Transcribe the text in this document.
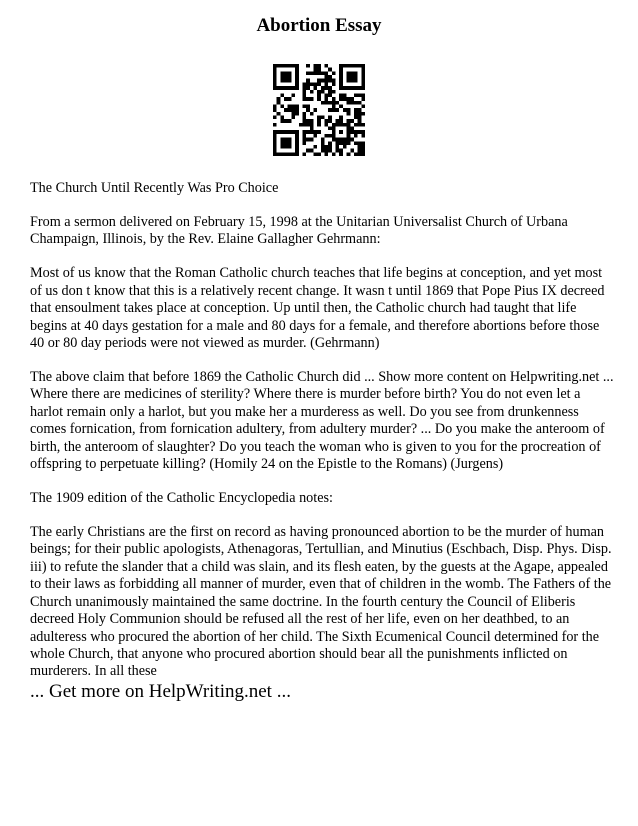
Abortion Essay

The Church Until Recently Was Pro Choice

From a sermon delivered on February 15, 1998 at the Unitarian Universalist Church of Urbana Champaign, Illinois, by the Rev. Elaine Gallagher Gehrmann:

Most of us know that the Roman Catholic church teaches that life begins at conception, and yet most of us don t know that this is a relatively recent change. It wasn t until 1869 that Pope Pius IX decreed that ensoulment takes place at conception. Up until then, the Catholic church had taught that life begins at 40 days gestation for a male and 80 days for a female, and therefore abortions before those 40 or 80 day periods were not viewed as murder. (Gehrmann)

The above claim that before 1869 the Catholic Church did ... Show more content on Helpwriting.net ... Where there are medicines of sterility? Where there is murder before birth? You do not even let a harlot remain only a harlot, but you make her a murderess as well. Do you see from drunkenness comes fornication, from fornication adultery, from adultery murder? ... Do you make the anteroom of birth, the anteroom of slaughter? Do you teach the woman who is given to you for the procreation of offspring to perpetuate killing? (Homily 24 on the Epistle to the Romans) (Jurgens)

The 1909 edition of the Catholic Encyclopedia notes:

The early Christians are the first on record as having pronounced abortion to be the murder of human beings; for their public apologists, Athenagoras, Tertullian, and Minutius (Eschbach, Disp. Phys. Disp. iii) to refute the slander that a child was slain, and its flesh eaten, by the guests at the Agape, appealed to their laws as forbidding all manner of murder, even that of children in the womb. The Fathers of the Church unanimously maintained the same doctrine. In the fourth century the Council of Eliberis decreed Holy Communion should be refused all the rest of her life, even on her deathbed, to an adulteress who procured the abortion of her child. The Sixth Ecumenical Council determined for the whole Church, that anyone who procured abortion should bear all the punishments inflicted on murderers. In all these

... Get more on HelpWriting.net ...
